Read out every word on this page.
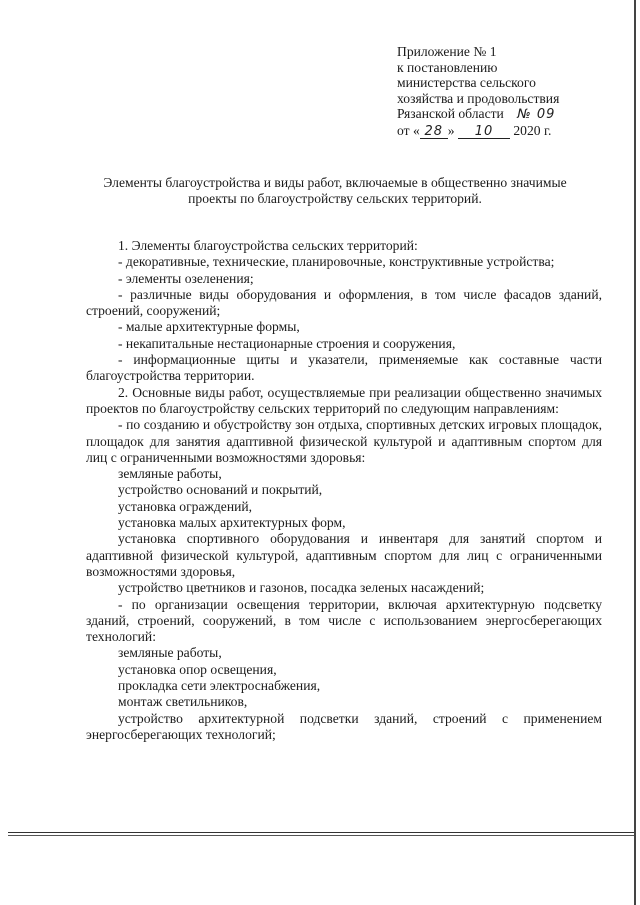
Приложение № 1
к постановлению
министерства сельского
хозяйства и продовольствия
Рязанской области № 09
от « 28 » 10 2020 г.
Элементы благоустройства и виды работ, включаемые в общественно значимые
проекты по благоустройству сельских территорий.

1. Элементы благоустройства сельских территорий:

- декоративные, технические, планировочные, конструктивные устройства;

- элементы озеленения;

- различные виды оборудования и оформления, в том числе фасадов зданий, строений, сооружений;

- малые архитектурные формы,

- некапитальные нестационарные строения и сооружения,

- информационные щиты и указатели, применяемые как составные части благоустройства территории.

2. Основные виды работ, осуществляемые при реализации общественно значимых проектов по благоустройству сельских территорий по следующим направлениям:

- по созданию и обустройству зон отдыха, спортивных детских игровых площадок, площадок для занятия адаптивной физической культурой и адаптивным спортом для лиц с ограниченными возможностями здоровья:

земляные работы,

устройство оснований и покрытий,

установка ограждений,

установка малых архитектурных форм,

установка спортивного оборудования и инвентаря для занятий спортом и адаптивной физической культурой, адаптивным спортом для лиц с ограниченными возможностями здоровья,

устройство цветников и газонов, посадка зеленых насаждений;

- по организации освещения территории, включая архитектурную подсветку зданий, строений, сооружений, в том числе с использованием энергосберегающих технологий:

земляные работы,

установка опор освещения,

прокладка сети электроснабжения,

монтаж светильников,

устройство архитектурной подсветки зданий, строений с применением энергосберегающих технологий;
